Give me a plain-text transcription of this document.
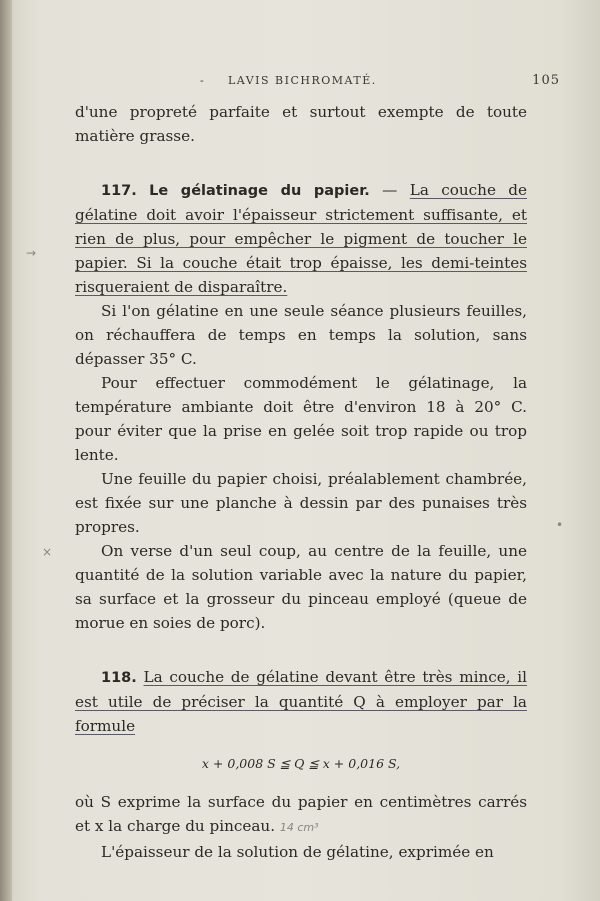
- LAVIS BICHROMATÉ.	105
→
×
•

d'une propreté parfaite et surtout exempte de toute matière grasse.

117. Le gélatinage du papier. — La couche de gélatine doit avoir l'épaisseur strictement suffisante, et rien de plus, pour empêcher le pigment de toucher le papier. Si la couche était trop épaisse, les demi-teintes risqueraient de disparaître.

Si l'on gélatine en une seule séance plusieurs feuilles, on réchauffera de temps en temps la solution, sans dépasser 35° C.

Pour effectuer commodément le gélatinage, la température ambiante doit être d'environ 18 à 20° C. pour éviter que la prise en gelée soit trop rapide ou trop lente.

Une feuille du papier choisi, préalablement chambrée, est fixée sur une planche à dessin par des punaises très propres.

On verse d'un seul coup, au centre de la feuille, une quantité de la solution variable avec la nature du papier, sa surface et la grosseur du pinceau employé (queue de morue en soies de porc).

118. La couche de gélatine devant être très mince, il est utile de préciser la quantité Q à employer par la formule

x + 0,008 S ≦ Q ≦ x + 0,016 S,

où S exprime la surface du papier en centimètres carrés et x la charge du pinceau. 14 cm³

L'épaisseur de la solution de gélatine, exprimée en
